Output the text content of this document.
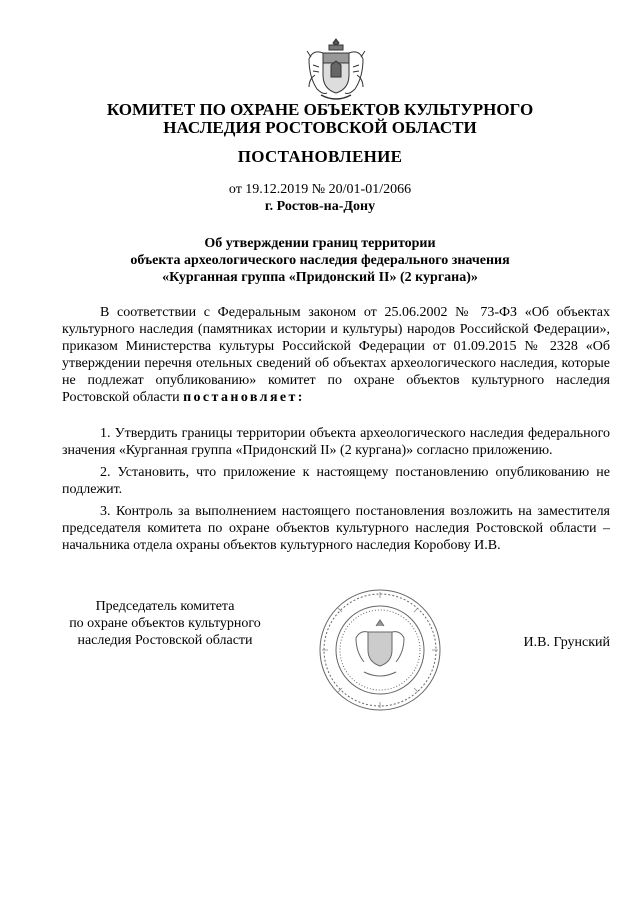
КОМИТЕТ ПО ОХРАНЕ ОБЪЕКТОВ КУЛЬТУРНОГО
НАСЛЕДИЯ РОСТОВСКОЙ ОБЛАСТИ
ПОСТАНОВЛЕНИЕ
от 19.12.2019 № 20/01-01/2066
г. Ростов-на-Дону
Об утверждении границ территории
объекта археологического наследия федерального значения
«Курганная группа «Придонский II» (2 кургана)»
В соответствии с Федеральным законом от 25.06.2002 № 73-ФЗ «Об объектах культурного наследия (памятниках истории и культуры) народов Российской Федерации», приказом Министерства культуры Российской Федерации от 01.09.2015 № 2328 «Об утверждении перечня отельных сведений об объектах археологического наследия, которые не подлежат опубликованию» комитет по охране объектов культурного наследия Ростовской области постановляет:

1. Утвердить границы территории объекта археологического наследия федерального значения «Курганная группа «Придонский II» (2 кургана)» согласно приложению.

2. Установить, что приложение к настоящему постановлению опубликованию не подлежит.

3. Контроль за выполнением настоящего постановления возложить на заместителя председателя комитета по охране объектов культурного наследия Ростовской области – начальника отдела охраны объектов культурного наследия Коробову И.В.

Председатель комитета
по охране объектов культурного
наследия Ростовской области	И.В. Грунский
